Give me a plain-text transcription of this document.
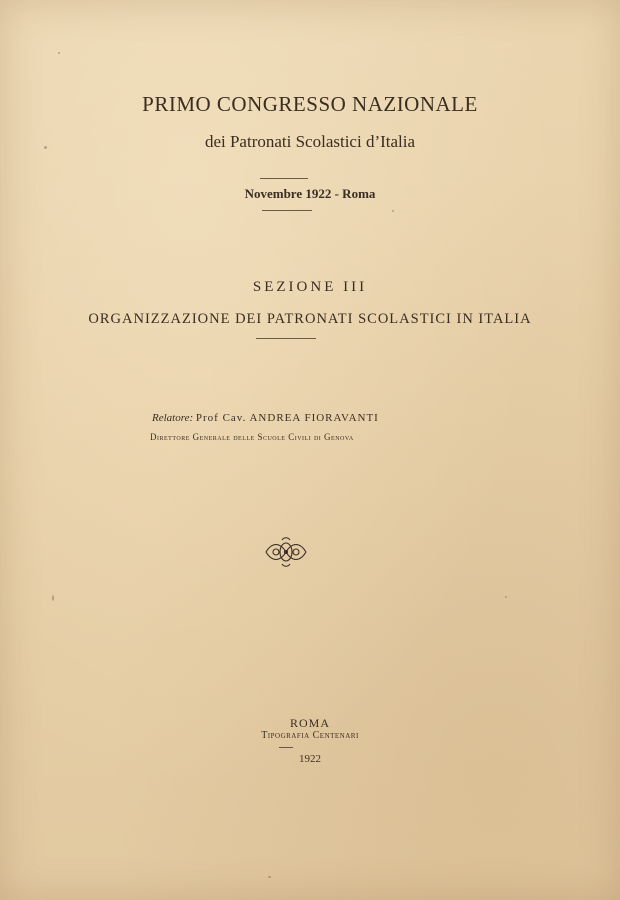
PRIMO CONGRESSO NAZIONALE
dei Patronati Scolastici d’Italia
Novembre 1922 - Roma
SEZIONE III
ORGANIZZAZIONE DEI PATRONATI SCOLASTICI IN ITALIA
Relatore: Prof Cav. ANDREA FIORAVANTI
Direttore Generale delle Scuole Civili di Genova
ROMA
Tipografia Centenari
1922
